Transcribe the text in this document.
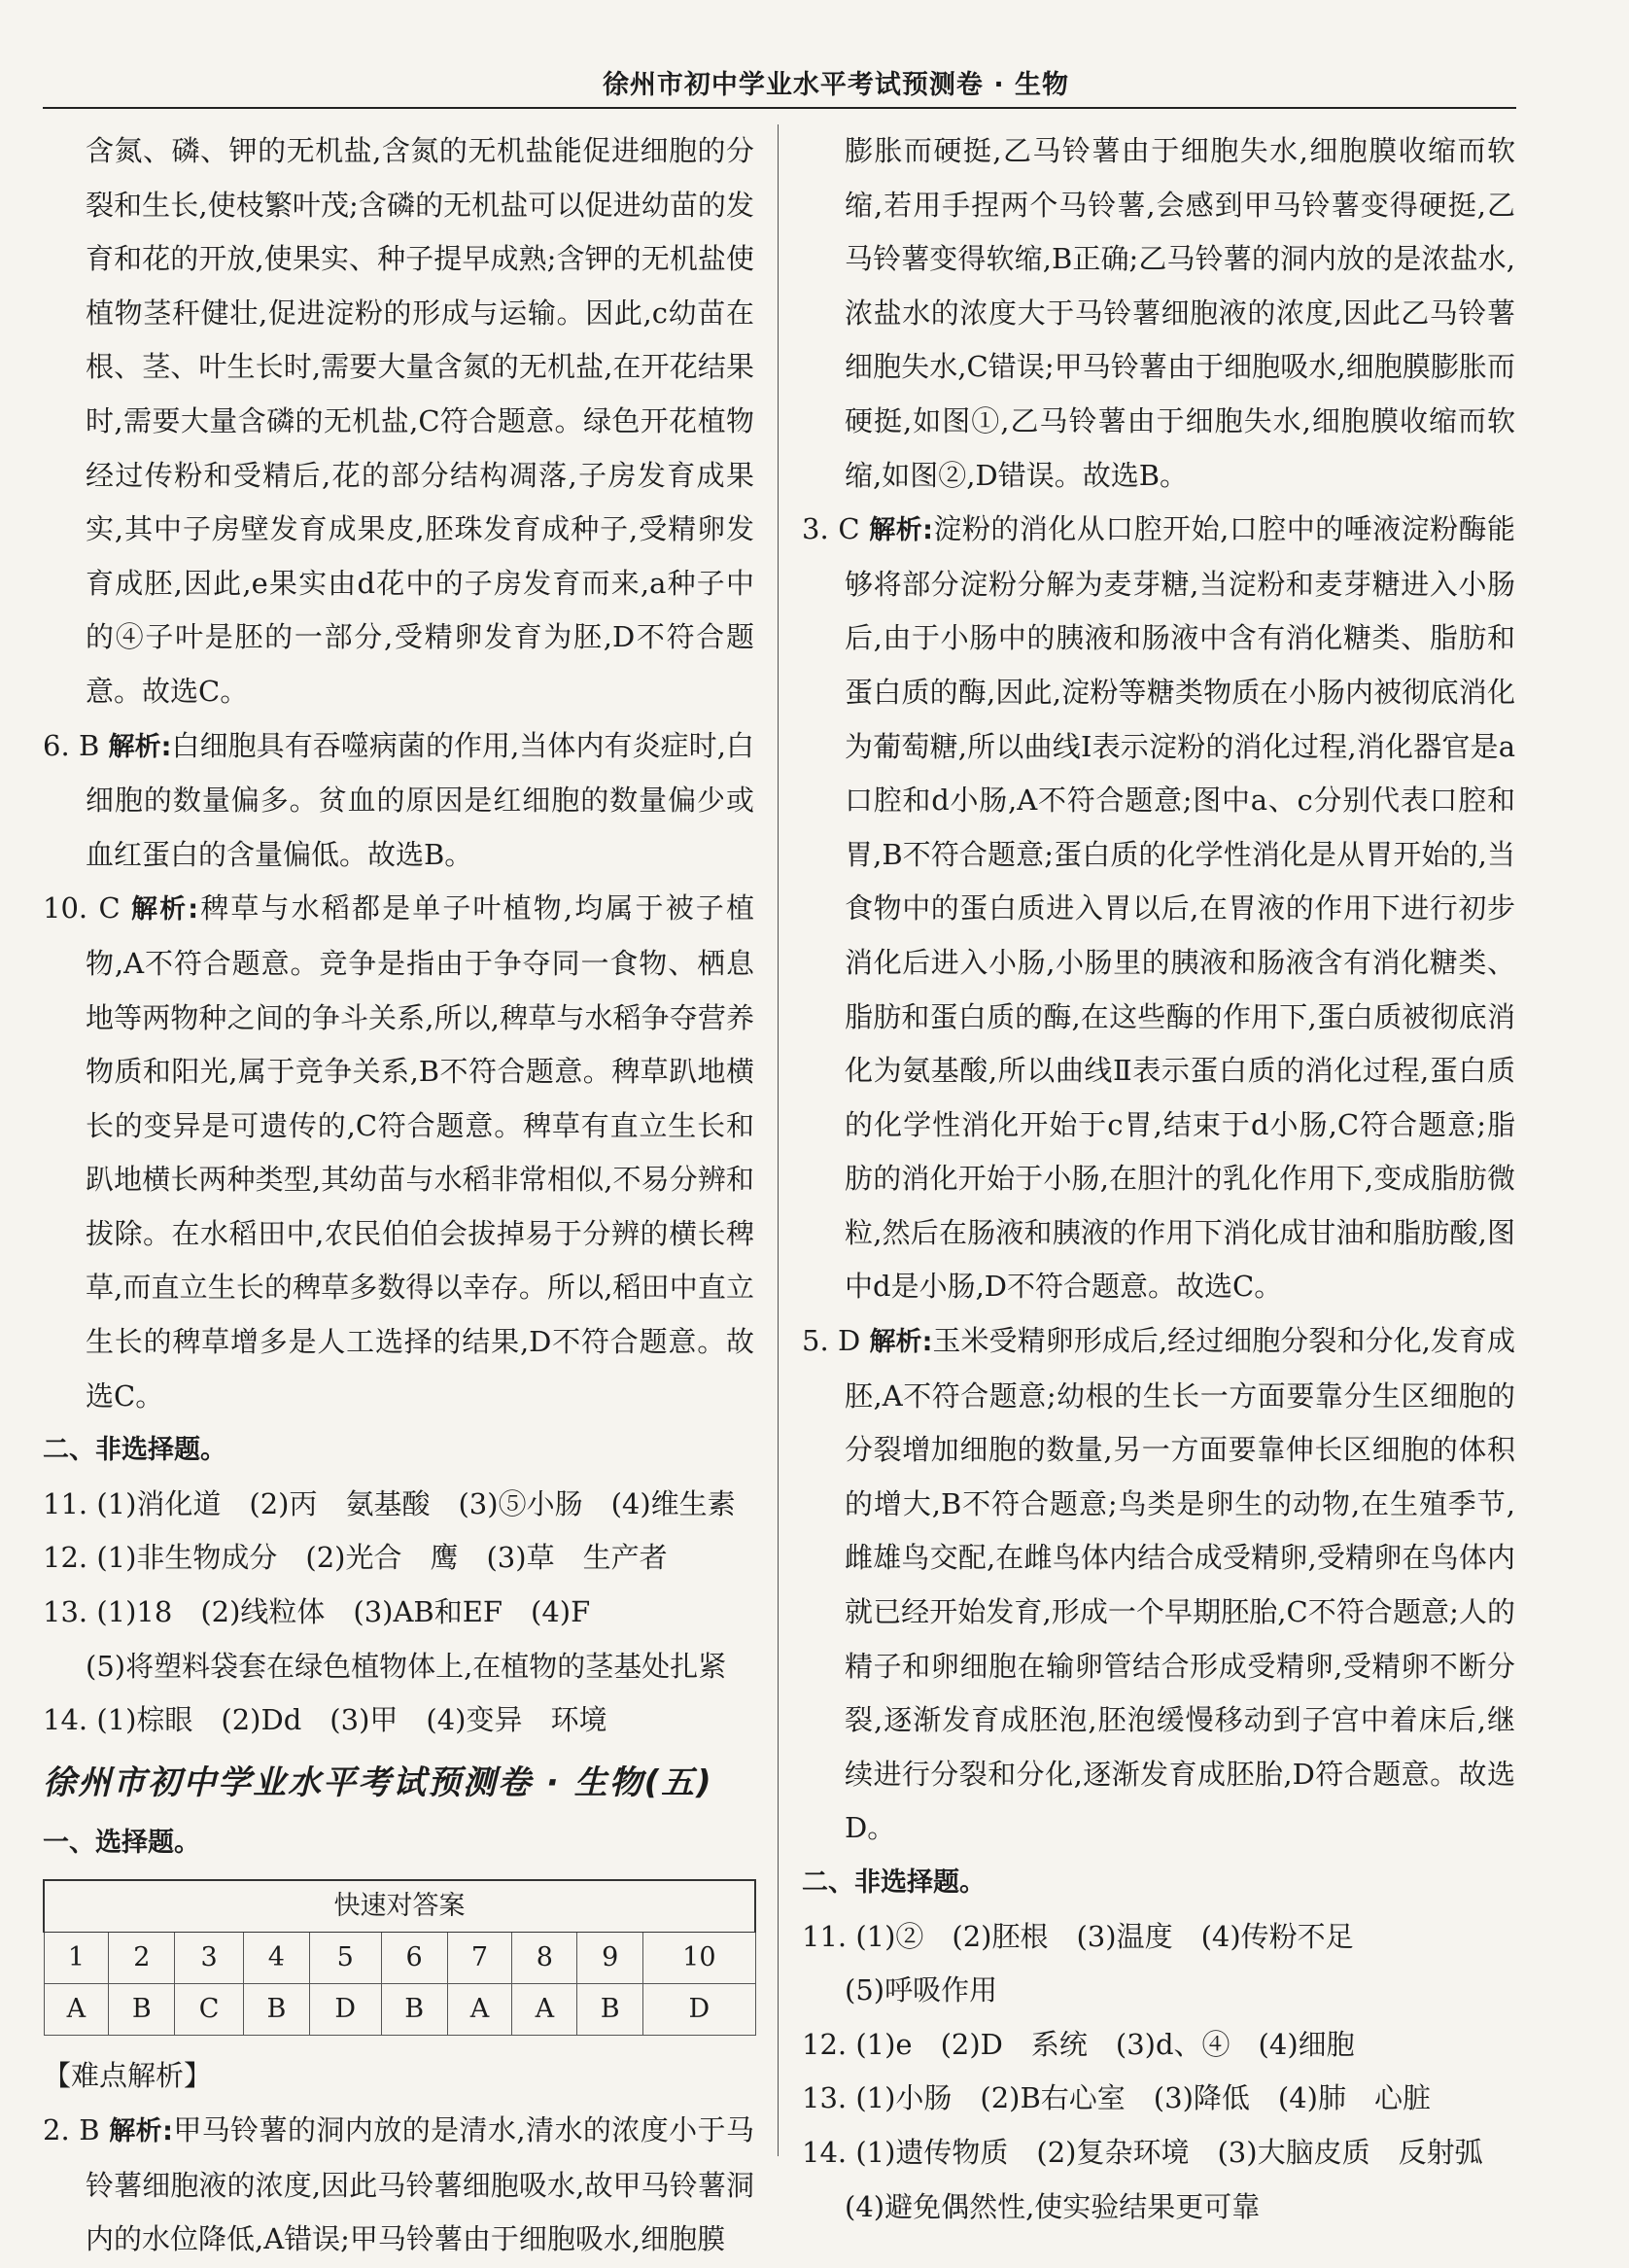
徐州市初中学业水平考试预测卷 · 生物

含氮、磷、钾的无机盐,含氮的无机盐能促进细胞的分裂和生长,使枝繁叶茂;含磷的无机盐可以促进幼苗的发育和花的开放,使果实、种子提早成熟;含钾的无机盐使植物茎秆健壮,促进淀粉的形成与运输。因此,c幼苗在根、茎、叶生长时,需要大量含氮的无机盐,在开花结果时,需要大量含磷的无机盐,C符合题意。绿色开花植物经过传粉和受精后,花的部分结构凋落,子房发育成果实,其中子房壁发育成果皮,胚珠发育成种子,受精卵发育成胚,因此,e果实由d花中的子房发育而来,a种子中的④子叶是胚的一部分,受精卵发育为胚,D不符合题意。故选C。

6. B 解析:白细胞具有吞噬病菌的作用,当体内有炎症时,白细胞的数量偏多。贫血的原因是红细胞的数量偏少或血红蛋白的含量偏低。故选B。

10. C 解析:稗草与水稻都是单子叶植物,均属于被子植物,A不符合题意。竞争是指由于争夺同一食物、栖息地等两物种之间的争斗关系,所以,稗草与水稻争夺营养物质和阳光,属于竞争关系,B不符合题意。稗草趴地横长的变异是可遗传的,C符合题意。稗草有直立生长和趴地横长两种类型,其幼苗与水稻非常相似,不易分辨和拔除。在水稻田中,农民伯伯会拔掉易于分辨的横长稗草,而直立生长的稗草多数得以幸存。所以,稻田中直立生长的稗草增多是人工选择的结果,D不符合题意。故选C。

二、非选择题。

11. (1)消化道　(2)丙　氨基酸　(3)⑤小肠　(4)维生素

12. (1)非生物成分　(2)光合　鹰　(3)草　生产者

13. (1)18　(2)线粒体　(3)AB和EF　(4)F

(5)将塑料袋套在绿色植物体上,在植物的茎基处扎紧

14. (1)棕眼　(2)Dd　(3)甲　(4)变异　环境

徐州市初中学业水平考试预测卷 · 生物(五)

一、选择题。

快速对答案									
1	2	3	4	5	6	7	8	9	10
A	B	C	B	D	B	A	A	B	D

【难点解析】

2. B 解析:甲马铃薯的洞内放的是清水,清水的浓度小于马铃薯细胞液的浓度,因此马铃薯细胞吸水,故甲马铃薯洞内的水位降低,A错误;甲马铃薯由于细胞吸水,细胞膜

膨胀而硬挺,乙马铃薯由于细胞失水,细胞膜收缩而软缩,若用手捏两个马铃薯,会感到甲马铃薯变得硬挺,乙马铃薯变得软缩,B正确;乙马铃薯的洞内放的是浓盐水,浓盐水的浓度大于马铃薯细胞液的浓度,因此乙马铃薯细胞失水,C错误;甲马铃薯由于细胞吸水,细胞膜膨胀而硬挺,如图①,乙马铃薯由于细胞失水,细胞膜收缩而软缩,如图②,D错误。故选B。

3. C 解析:淀粉的消化从口腔开始,口腔中的唾液淀粉酶能够将部分淀粉分解为麦芽糖,当淀粉和麦芽糖进入小肠后,由于小肠中的胰液和肠液中含有消化糖类、脂肪和蛋白质的酶,因此,淀粉等糖类物质在小肠内被彻底消化为葡萄糖,所以曲线Ⅰ表示淀粉的消化过程,消化器官是a口腔和d小肠,A不符合题意;图中a、c分别代表口腔和胃,B不符合题意;蛋白质的化学性消化是从胃开始的,当食物中的蛋白质进入胃以后,在胃液的作用下进行初步消化后进入小肠,小肠里的胰液和肠液含有消化糖类、脂肪和蛋白质的酶,在这些酶的作用下,蛋白质被彻底消化为氨基酸,所以曲线Ⅱ表示蛋白质的消化过程,蛋白质的化学性消化开始于c胃,结束于d小肠,C符合题意;脂肪的消化开始于小肠,在胆汁的乳化作用下,变成脂肪微粒,然后在肠液和胰液的作用下消化成甘油和脂肪酸,图中d是小肠,D不符合题意。故选C。

5. D 解析:玉米受精卵形成后,经过细胞分裂和分化,发育成胚,A不符合题意;幼根的生长一方面要靠分生区细胞的分裂增加细胞的数量,另一方面要靠伸长区细胞的体积的增大,B不符合题意;鸟类是卵生的动物,在生殖季节,雌雄鸟交配,在雌鸟体内结合成受精卵,受精卵在鸟体内就已经开始发育,形成一个早期胚胎,C不符合题意;人的精子和卵细胞在输卵管结合形成受精卵,受精卵不断分裂,逐渐发育成胚泡,胚泡缓慢移动到子宫中着床后,继续进行分裂和分化,逐渐发育成胚胎,D符合题意。故选D。

二、非选择题。

11. (1)②　(2)胚根　(3)温度　(4)传粉不足

(5)呼吸作用

12. (1)e　(2)D　系统　(3)d、④　(4)细胞

13. (1)小肠　(2)B右心室　(3)降低　(4)肺　心脏

14. (1)遗传物质　(2)复杂环境　(3)大脑皮质　反射弧

(4)避免偶然性,使实验结果更可靠
